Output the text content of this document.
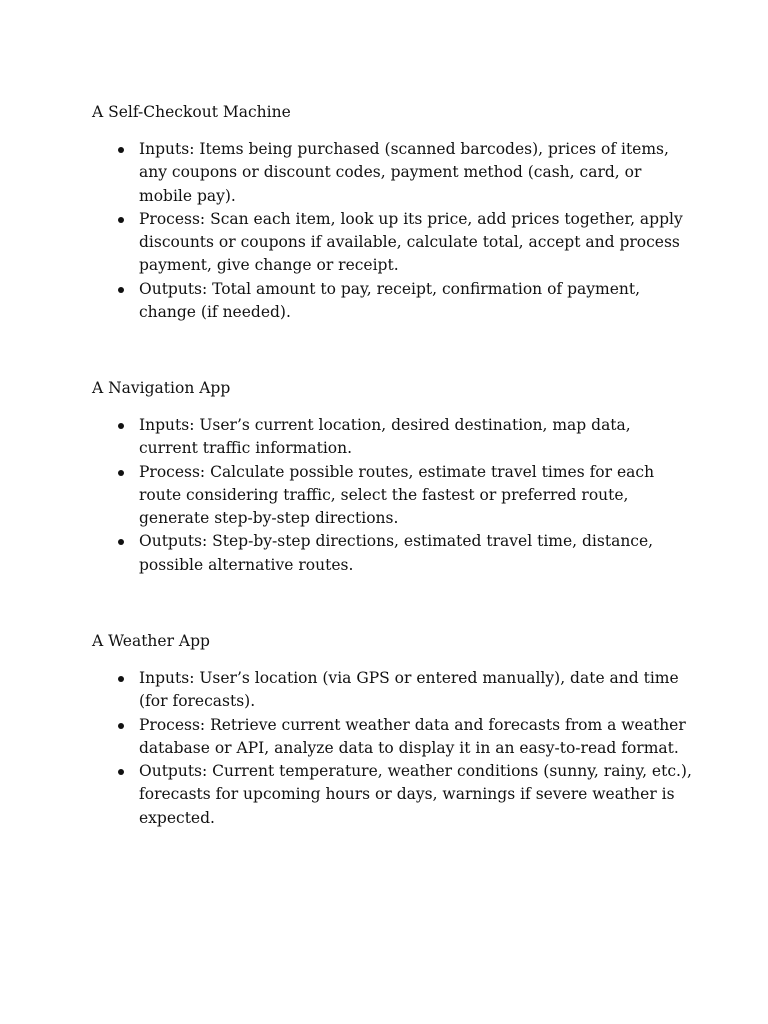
A Self-Checkout Machine
Inputs: Items being purchased (scanned barcodes), prices of items, any coupons or discount codes, payment method (cash, card, or mobile pay).
Process: Scan each item, look up its price, add prices together, apply discounts or coupons if available, calculate total, accept and process payment, give change or receipt.
Outputs: Total amount to pay, receipt, confirmation of payment, change (if needed).
A Navigation App
Inputs: User’s current location, desired destination, map data, current traffic information.
Process: Calculate possible routes, estimate travel times for each route considering traffic, select the fastest or preferred route, generate step-by-step directions.
Outputs: Step-by-step directions, estimated travel time, distance, possible alternative routes.
A Weather App
Inputs: User’s location (via GPS or entered manually), date and time (for forecasts).
Process: Retrieve current weather data and forecasts from a weather database or API, analyze data to display it in an easy-to-read format.
Outputs: Current temperature, weather conditions (sunny, rainy, etc.), forecasts for upcoming hours or days, warnings if severe weather is expected.
